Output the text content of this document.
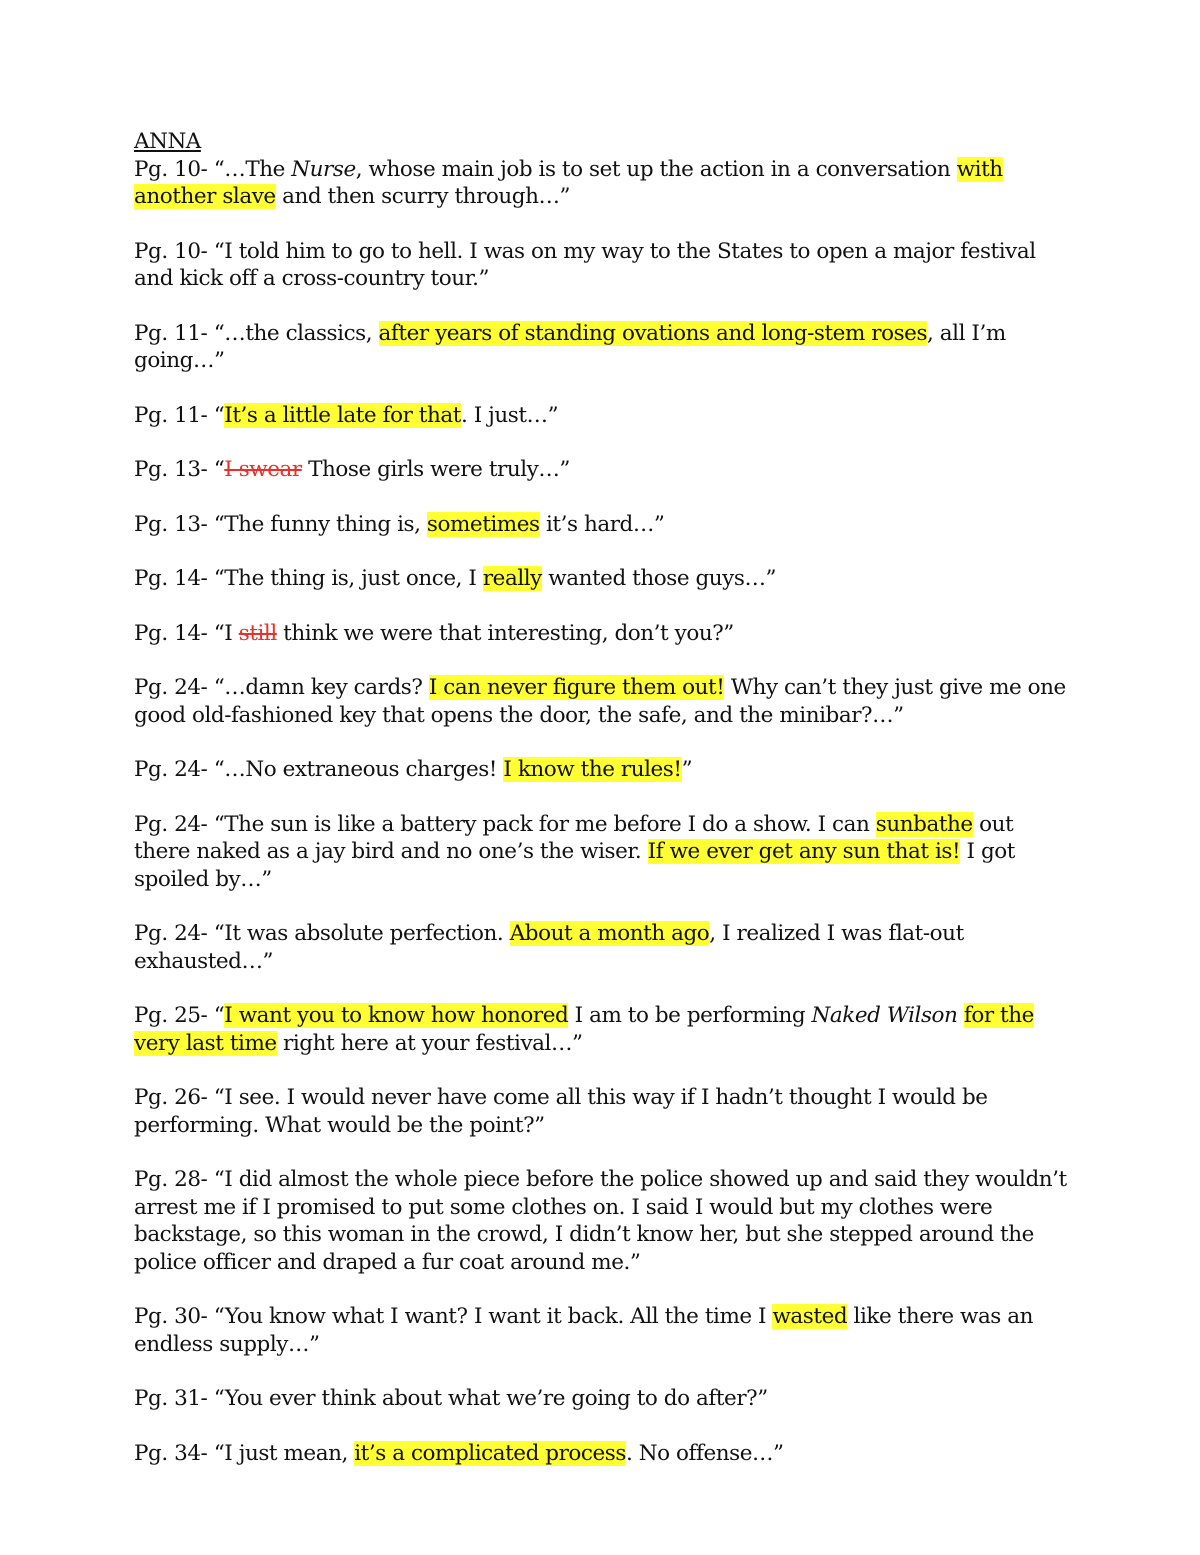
ANNA

Pg. 10- “…The Nurse, whose main job is to set up the action in a conversation with another slave and then scurry through…”

Pg. 10- “I told him to go to hell. I was on my way to the States to open a major festival and kick off a cross-country tour.”

Pg. 11- “…the classics, after years of standing ovations and long-stem roses, all I’m going…”

Pg. 11- “It’s a little late for that. I just…”

Pg. 13- “I swear Those girls were truly…”

Pg. 13- “The funny thing is, sometimes it’s hard…”

Pg. 14- “The thing is, just once, I really wanted those guys…”

Pg. 14- “I still think we were that interesting, don’t you?”

Pg. 24- “…damn key cards? I can never figure them out! Why can’t they just give me one good old-fashioned key that opens the door, the safe, and the minibar?…”

Pg. 24- “…No extraneous charges! I know the rules!”

Pg. 24- “The sun is like a battery pack for me before I do a show. I can sunbathe out there naked as a jay bird and no one’s the wiser. If we ever get any sun that is! I got spoiled by…”

Pg. 24- “It was absolute perfection. About a month ago, I realized I was flat-out exhausted…”

Pg. 25- “I want you to know how honored I am to be performing Naked Wilson for the very last time right here at your festival…”

Pg. 26- “I see. I would never have come all this way if I hadn’t thought I would be performing. What would be the point?”

Pg. 28- “I did almost the whole piece before the police showed up and said they wouldn’t arrest me if I promised to put some clothes on. I said I would but my clothes were backstage, so this woman in the crowd, I didn’t know her, but she stepped around the police officer and draped a fur coat around me.”

Pg. 30- “You know what I want? I want it back. All the time I wasted like there was an endless supply…”

Pg. 31- “You ever think about what we’re going to do after?”

Pg. 34- “I just mean, it’s a complicated process. No offense…”
